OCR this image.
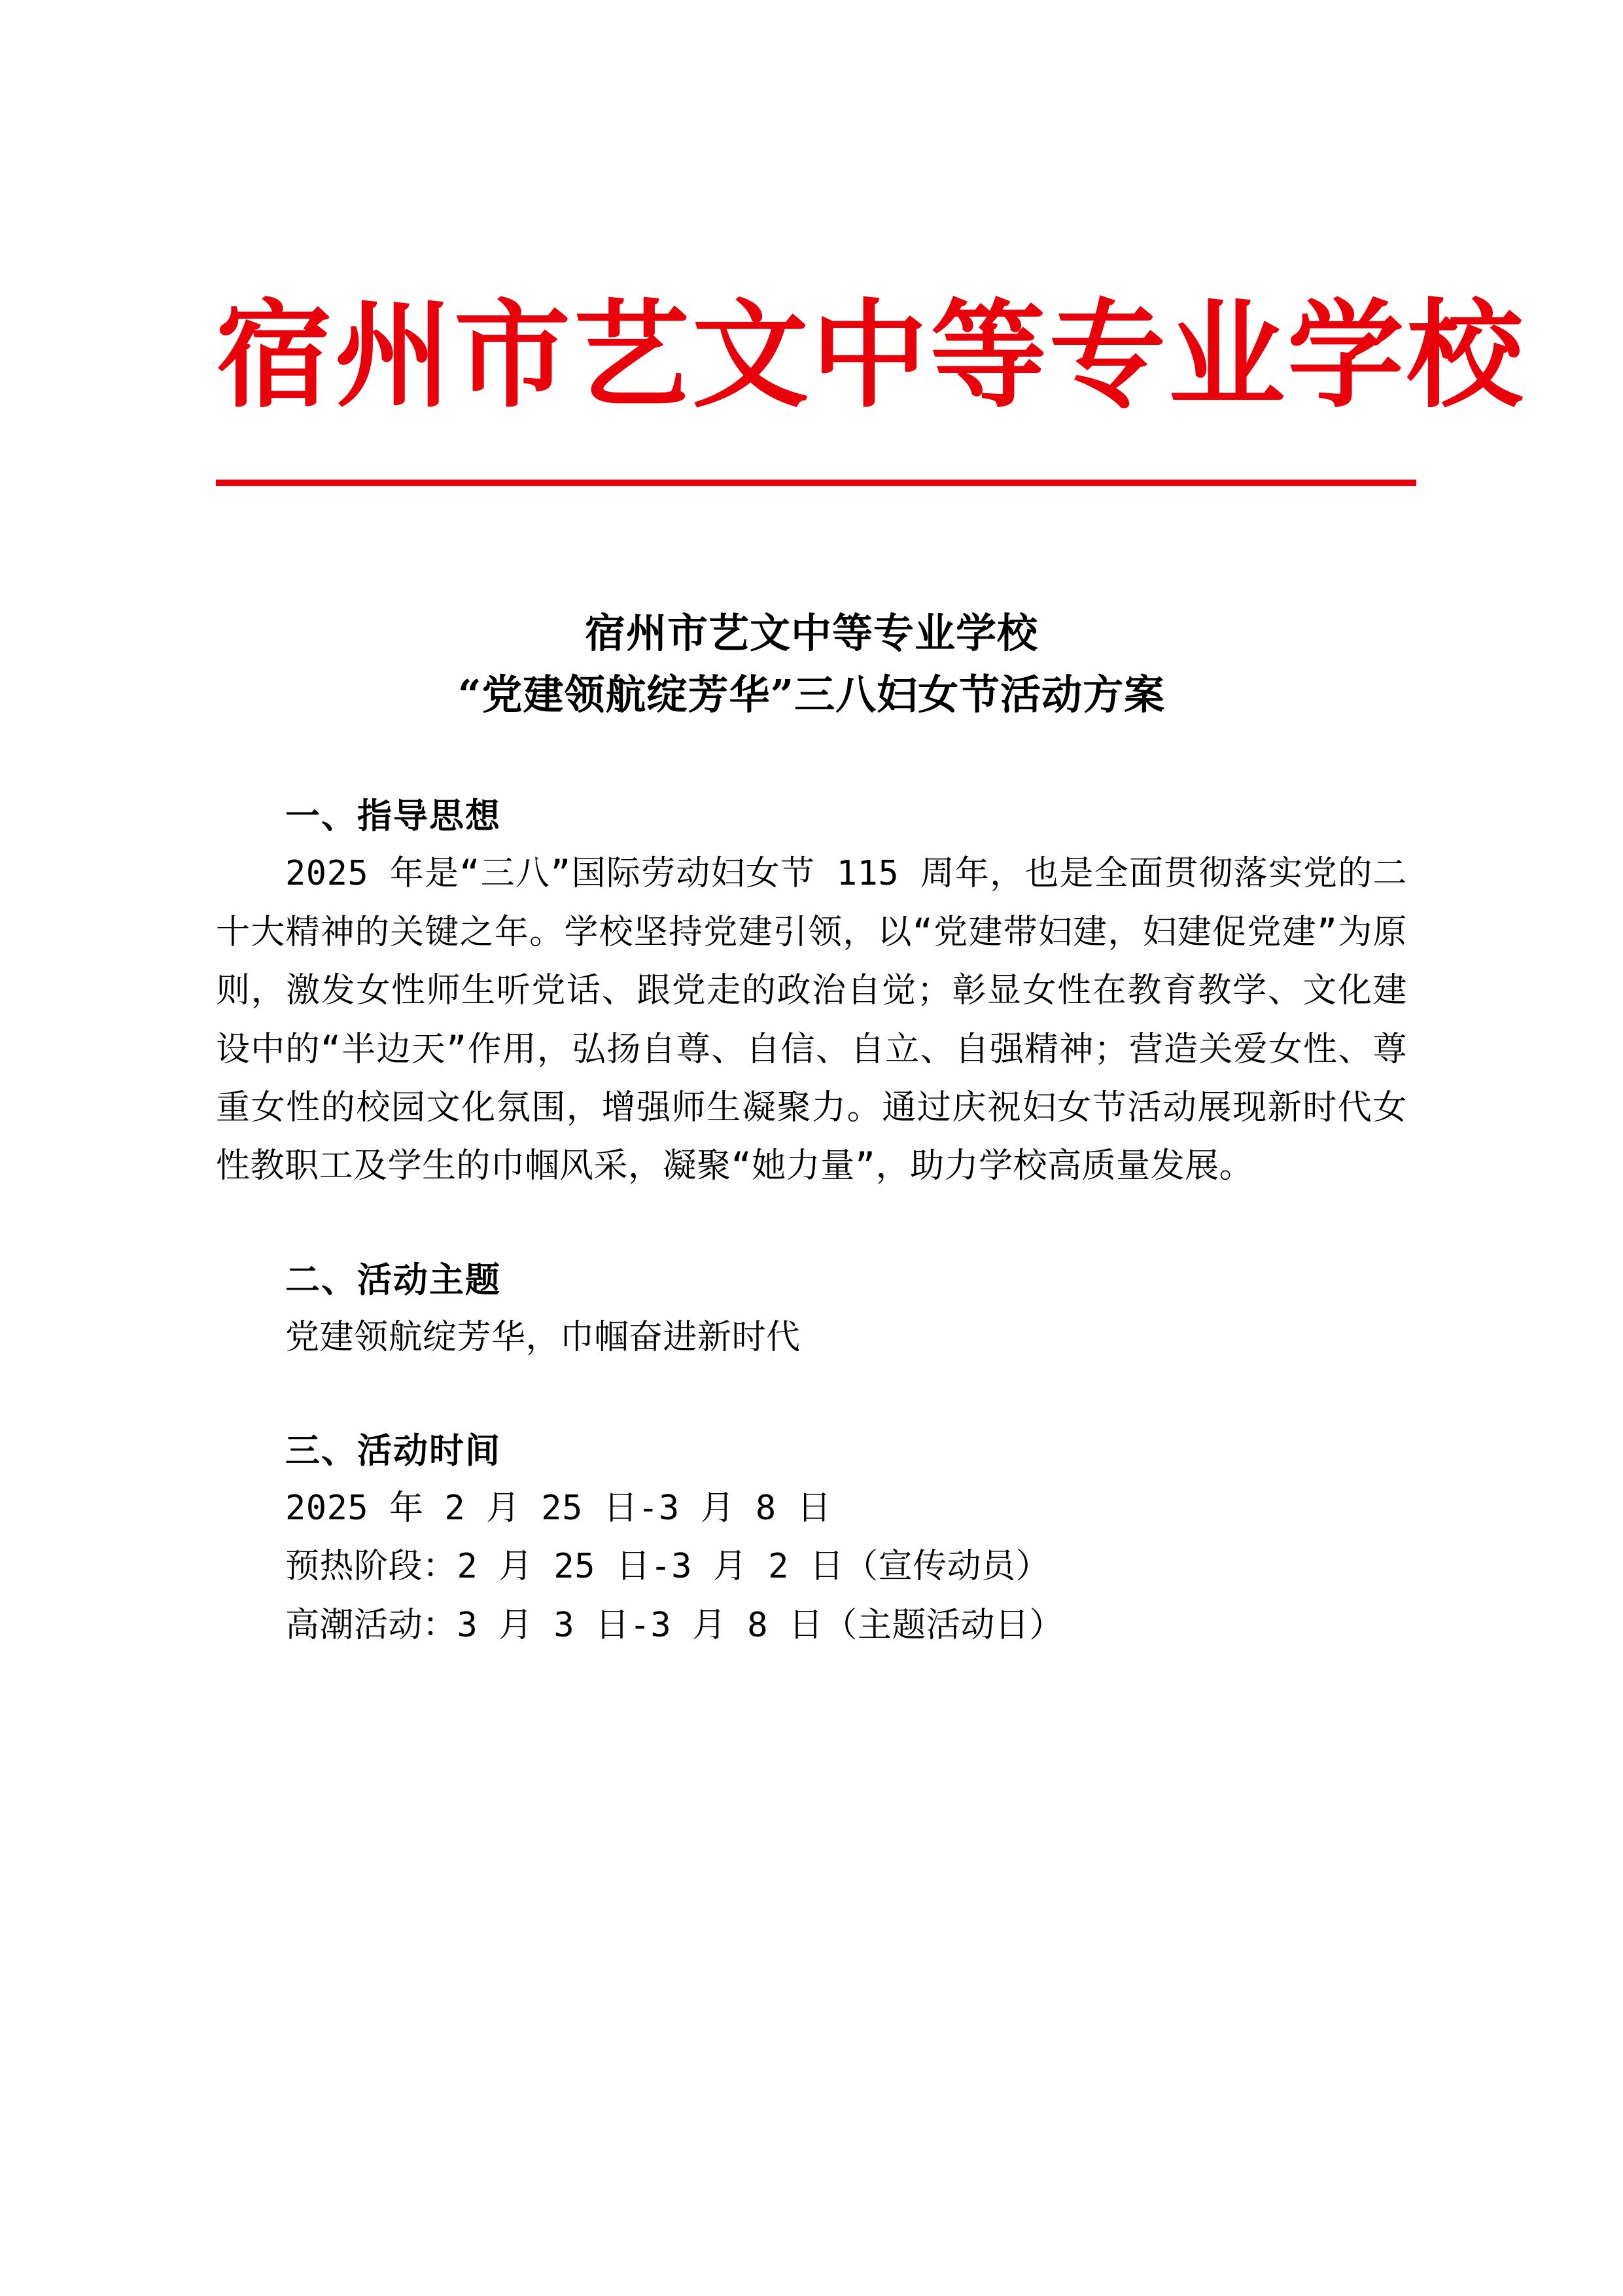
宿州市艺文中等专业学校
宿州市艺文中等专业学校
“党建领航绽芳华”三八妇女节活动方案
一、指导思想

2025 年是“三八”国际劳动妇女节 115 周年，也是全面贯彻落实党的二十大精神的关键之年。学校坚持党建引领，以“党建带妇建，妇建促党建”为原则，激发女性师生听党话、跟党走的政治自觉；彰显女性在教育教学、文化建设中的“半边天”作用，弘扬自尊、自信、自立、自强精神；营造关爱女性、尊重女性的校园文化氛围，增强师生凝聚力。通过庆祝妇女节活动展现新时代女性教职工及学生的巾帼风采，凝聚“她力量”，助力学校高质量发展。

二、活动主题

党建领航绽芳华，巾帼奋进新时代

三、活动时间

2025 年 2 月 25 日-3 月 8 日

预热阶段：2 月 25 日-3 月 2 日（宣传动员）

高潮活动：3 月 3 日-3 月 8 日（主题活动日）
